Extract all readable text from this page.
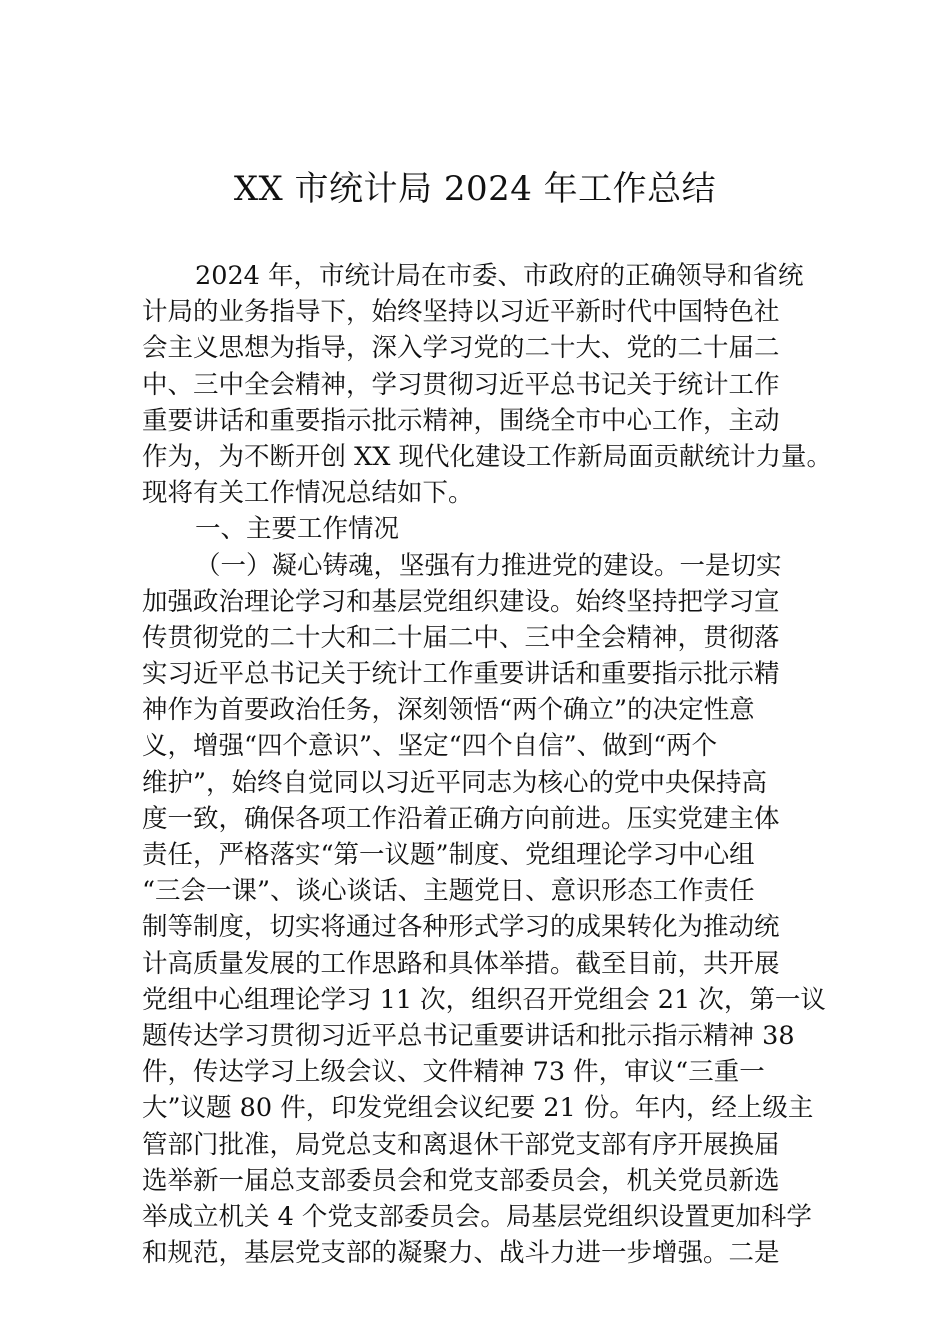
XX 市统计局 2024 年工作总结
2024 年，市统计局在市委、市政府的正确领导和省统
计局的业务指导下，始终坚持以习近平新时代中国特色社
会主义思想为指导，深入学习党的二十大、党的二十届二
中、三中全会精神，学习贯彻习近平总书记关于统计工作
重要讲话和重要指示批示精神，围绕全市中心工作，主动
作为，为不断开创 XX 现代化建设工作新局面贡献统计力量。
现将有关工作情况总结如下。
一、主要工作情况
（一）凝心铸魂，坚强有力推进党的建设。一是切实
加强政治理论学习和基层党组织建设。始终坚持把学习宣
传贯彻党的二十大和二十届二中、三中全会精神，贯彻落
实习近平总书记关于统计工作重要讲话和重要指示批示精
神作为首要政治任务，深刻领悟“两个确立”的决定性意
义，增强“四个意识”、坚定“四个自信”、做到“两个
维护”，始终自觉同以习近平同志为核心的党中央保持高
度一致，确保各项工作沿着正确方向前进。压实党建主体
责任，严格落实“第一议题”制度、党组理论学习中心组
“三会一课”、谈心谈话、主题党日、意识形态工作责任
制等制度，切实将通过各种形式学习的成果转化为推动统
计高质量发展的工作思路和具体举措。截至目前，共开展
党组中心组理论学习 11 次，组织召开党组会 21 次，第一议
题传达学习贯彻习近平总书记重要讲话和批示指示精神 38
件，传达学习上级会议、文件精神 73 件，审议“三重一
大”议题 80 件，印发党组会议纪要 21 份。年内，经上级主
管部门批准，局党总支和离退休干部党支部有序开展换届
选举新一届总支部委员会和党支部委员会，机关党员新选
举成立机关 4 个党支部委员会。局基层党组织设置更加科学
和规范，基层党支部的凝聚力、战斗力进一步增强。二是
